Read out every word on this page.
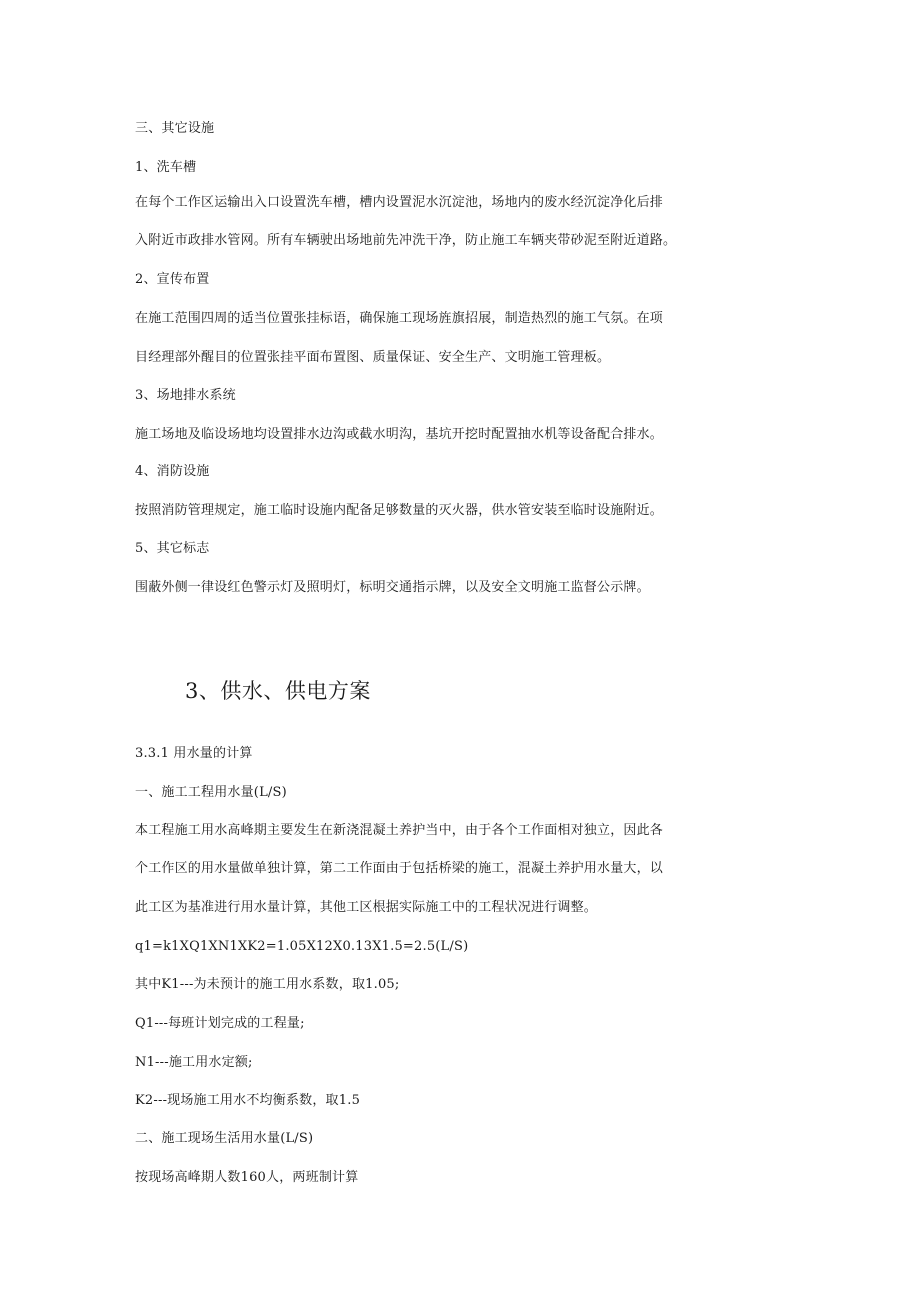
三、其它设施
1、洗车槽
在每个工作区运输出入口设置洗车槽，槽内设置泥水沉淀池，场地内的废水经沉淀净化后排
入附近市政排水管网。所有车辆驶出场地前先冲洗干净，防止施工车辆夹带砂泥至附近道路。
2、宣传布置
在施工范围四周的适当位置张挂标语，确保施工现场旌旗招展，制造热烈的施工气氛。在项
目经理部外醒目的位置张挂平面布置图、质量保证、安全生产、文明施工管理板。
3、场地排水系统
施工场地及临设场地均设置排水边沟或截水明沟，基坑开挖时配置抽水机等设备配合排水。
4、消防设施
按照消防管理规定，施工临时设施内配备足够数量的灭火器，供水管安装至临时设施附近。
5、其它标志
围蔽外侧一律设红色警示灯及照明灯，标明交通指示牌，以及安全文明施工监督公示牌。
3、供水、供电方案
3.3.1 用水量的计算
一、施工工程用水量(L/S)
本工程施工用水高峰期主要发生在新浇混凝土养护当中，由于各个工作面相对独立，因此各
个工作区的用水量做单独计算，第二工作面由于包括桥梁的施工，混凝土养护用水量大，以
此工区为基准进行用水量计算，其他工区根据实际施工中的工程状况进行调整。
q1=k1XQ1XN1XK2=1.05X12X0.13X1.5=2.5(L/S)
其中K1---为未预计的施工用水系数，取1.05;
Q1---每班计划完成的工程量;
N1---施工用水定额;
K2---现场施工用水不均衡系数，取1.5
二、施工现场生活用水量(L/S)
按现场高峰期人数160人，两班制计算
